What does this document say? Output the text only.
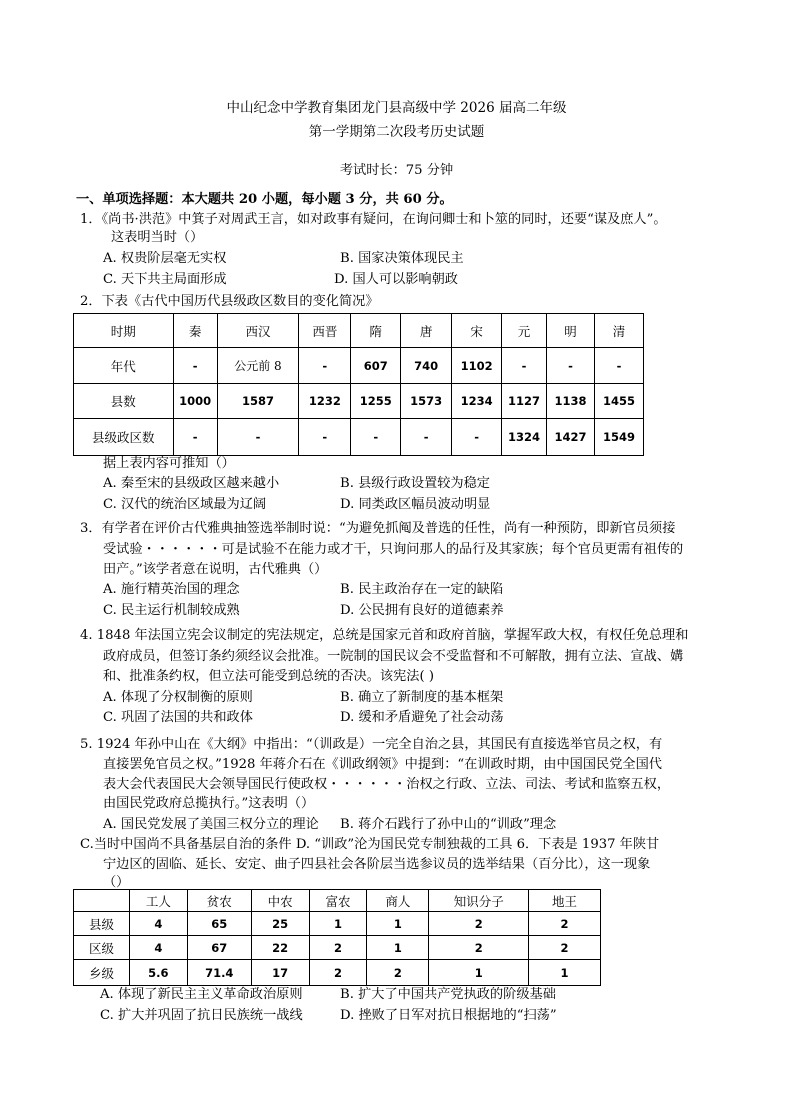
中山纪念中学教育集团龙门县高级中学 2026 届高二年级
第一学期第二次段考历史试题
考试时长：75 分钟
一、单项选择题：本大题共 20 小题，每小题 3 分，共 60 分。
1．《尚书·洪范》中箕子对周武王言，如对政事有疑问，在询问卿士和卜筮的同时，还要“谋及庶人”。
这表明当时（）
A. 权贵阶层毫无实权	B. 国家决策体现民主
C. 天下共主局面形成	D. 国人可以影响朝政
2．下表《古代中国历代县级政区数目的变化简况》
时期	秦	西汉	西晋	隋	唐	宋	元	明	清
年代	-	公元前 8	-	607	740	1102	-	-	-
县数	1000	1587	1232	1255	1573	1234	1127	1138	1455
县级政区数	-	-	-	-	-	-	1324	1427	1549
据上表内容可推知（）
A. 秦至宋的县级政区越来越小	B. 县级行政设置较为稳定
C. 汉代的统治区域最为辽阔	D. 同类政区幅员波动明显
3．有学者在评价古代雅典抽签选举制时说：“为避免抓阄及普选的任性，尚有一种预防，即新官员须接
受试验・・・・・・可是试验不在能力或才干，只询问那人的品行及其家族；每个官员更需有祖传的
田产。”该学者意在说明，古代雅典（）
A. 施行精英治国的理念	B. 民主政治存在一定的缺陷
C. 民主运行机制较成熟	D. 公民拥有良好的道德素养
4. 1848 年法国立宪会议制定的宪法规定，总统是国家元首和政府首脑，掌握军政大权，有权任免总理和
政府成员，但签订条约须经议会批准。一院制的国民议会不受监督和不可解散，拥有立法、宣战、媾
和、批准条约权，但立法可能受到总统的否决。该宪法( )
A. 体现了分权制衡的原则	B. 确立了新制度的基本框架
C. 巩固了法国的共和政体	D. 缓和矛盾避免了社会动荡
5. 1924 年孙中山在《大纲》中指出：“（训政是）一完全自治之县，其国民有直接选举官员之权，有
直接罢免官员之权。”1928 年蒋介石在《训政纲领》中提到：“在训政时期，由中国国民党全国代
表大会代表国民大会领导国民行使政权・・・・・・治权之行政、立法、司法、考试和监察五权，
由国民党政府总揽执行。”这表明（）
A. 国民党发展了美国三权分立的理论 B. 蒋介石践行了孙中山的“训政”理念
C.当时中国尚不具备基层自治的条件 D. “训政”沦为国民党专制独裁的工具 6．下表是 1937 年陕甘
宁边区的固临、延长、安定、曲子四县社会各阶层当选参议员的选举结果（百分比），这一现象
（）
	工人	贫农	中农	富农	商人	知识分子	地王
县级	4	65	25	1	1	2	2
区级	4	67	22	2	1	2	2
乡级	5.6	71.4	17	2	2	1	1
A. 体现了新民主主义革命政治原则	B. 扩大了中国共产党执政的阶级基础
C. 扩大并巩固了抗日民族统一战线	D. 挫败了日军对抗日根据地的“扫荡”
